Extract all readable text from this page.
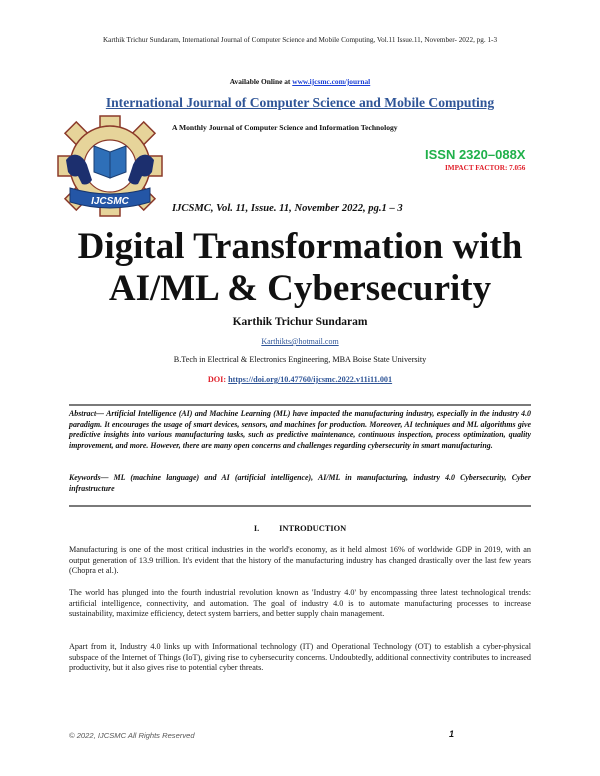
Karthik Trichur Sundaram, International Journal of Computer Science and Mobile Computing, Vol.11 Issue.11, November- 2022, pg. 1-3
Available Online at www.ijcsmc.com/journal
International Journal of Computer Science and Mobile Computing
IJCSMC
A Monthly Journal of Computer Science and Information Technology
ISSN 2320–088X
IMPACT FACTOR: 7.056
IJCSMC, Vol. 11, Issue. 11, November 2022, pg.1 – 3
Digital Transformation with
AI/ML & Cybersecurity
Karthik Trichur Sundaram
Karthikts@hotmail.com
B.Tech in Electrical & Electronics Engineering, MBA Boise State University
DOI: https://doi.org/10.47760/ijcsmc.2022.v11i11.001
Abstract— Artificial Intelligence (AI) and Machine Learning (ML) have impacted the manufacturing industry, especially in the industry 4.0 paradigm. It encourages the usage of smart devices, sensors, and machines for production. Moreover, AI techniques and ML algorithms give predictive insights into various manufacturing tasks, such as predictive maintenance, continuous inspection, process optimization, quality improvement, and more. However, there are many open concerns and challenges regarding cybersecurity in smart manufacturing.
Keywords— ML (machine language) and AI (artificial intelligence), AI/ML in manufacturing, industry 4.0 Cybersecurity, Cyber infrastructure
I. INTRODUCTION
Manufacturing is one of the most critical industries in the world's economy, as it held almost 16% of worldwide GDP in 2019, with an output generation of 13.9 trillion. It's evident that the history of the manufacturing industry has changed drastically over the last few years (Chopra et al.).
The world has plunged into the fourth industrial revolution known as 'Industry 4.0' by encompassing three latest technological trends: artificial intelligence, connectivity, and automation. The goal of industry 4.0 is to automate manufacturing processes to increase sustainability, maximize efficiency, detect system barriers, and better supply chain management.
Apart from it, Industry 4.0 links up with Informational technology (IT) and Operational Technology (OT) to establish a cyber-physical subspace of the Internet of Things (IoT), giving rise to cybersecurity concerns. Undoubtedly, additional connectivity contributes to increased productivity, but it also gives rise to potential cyber threats.
© 2022, IJCSMC All Rights Reserved	1
